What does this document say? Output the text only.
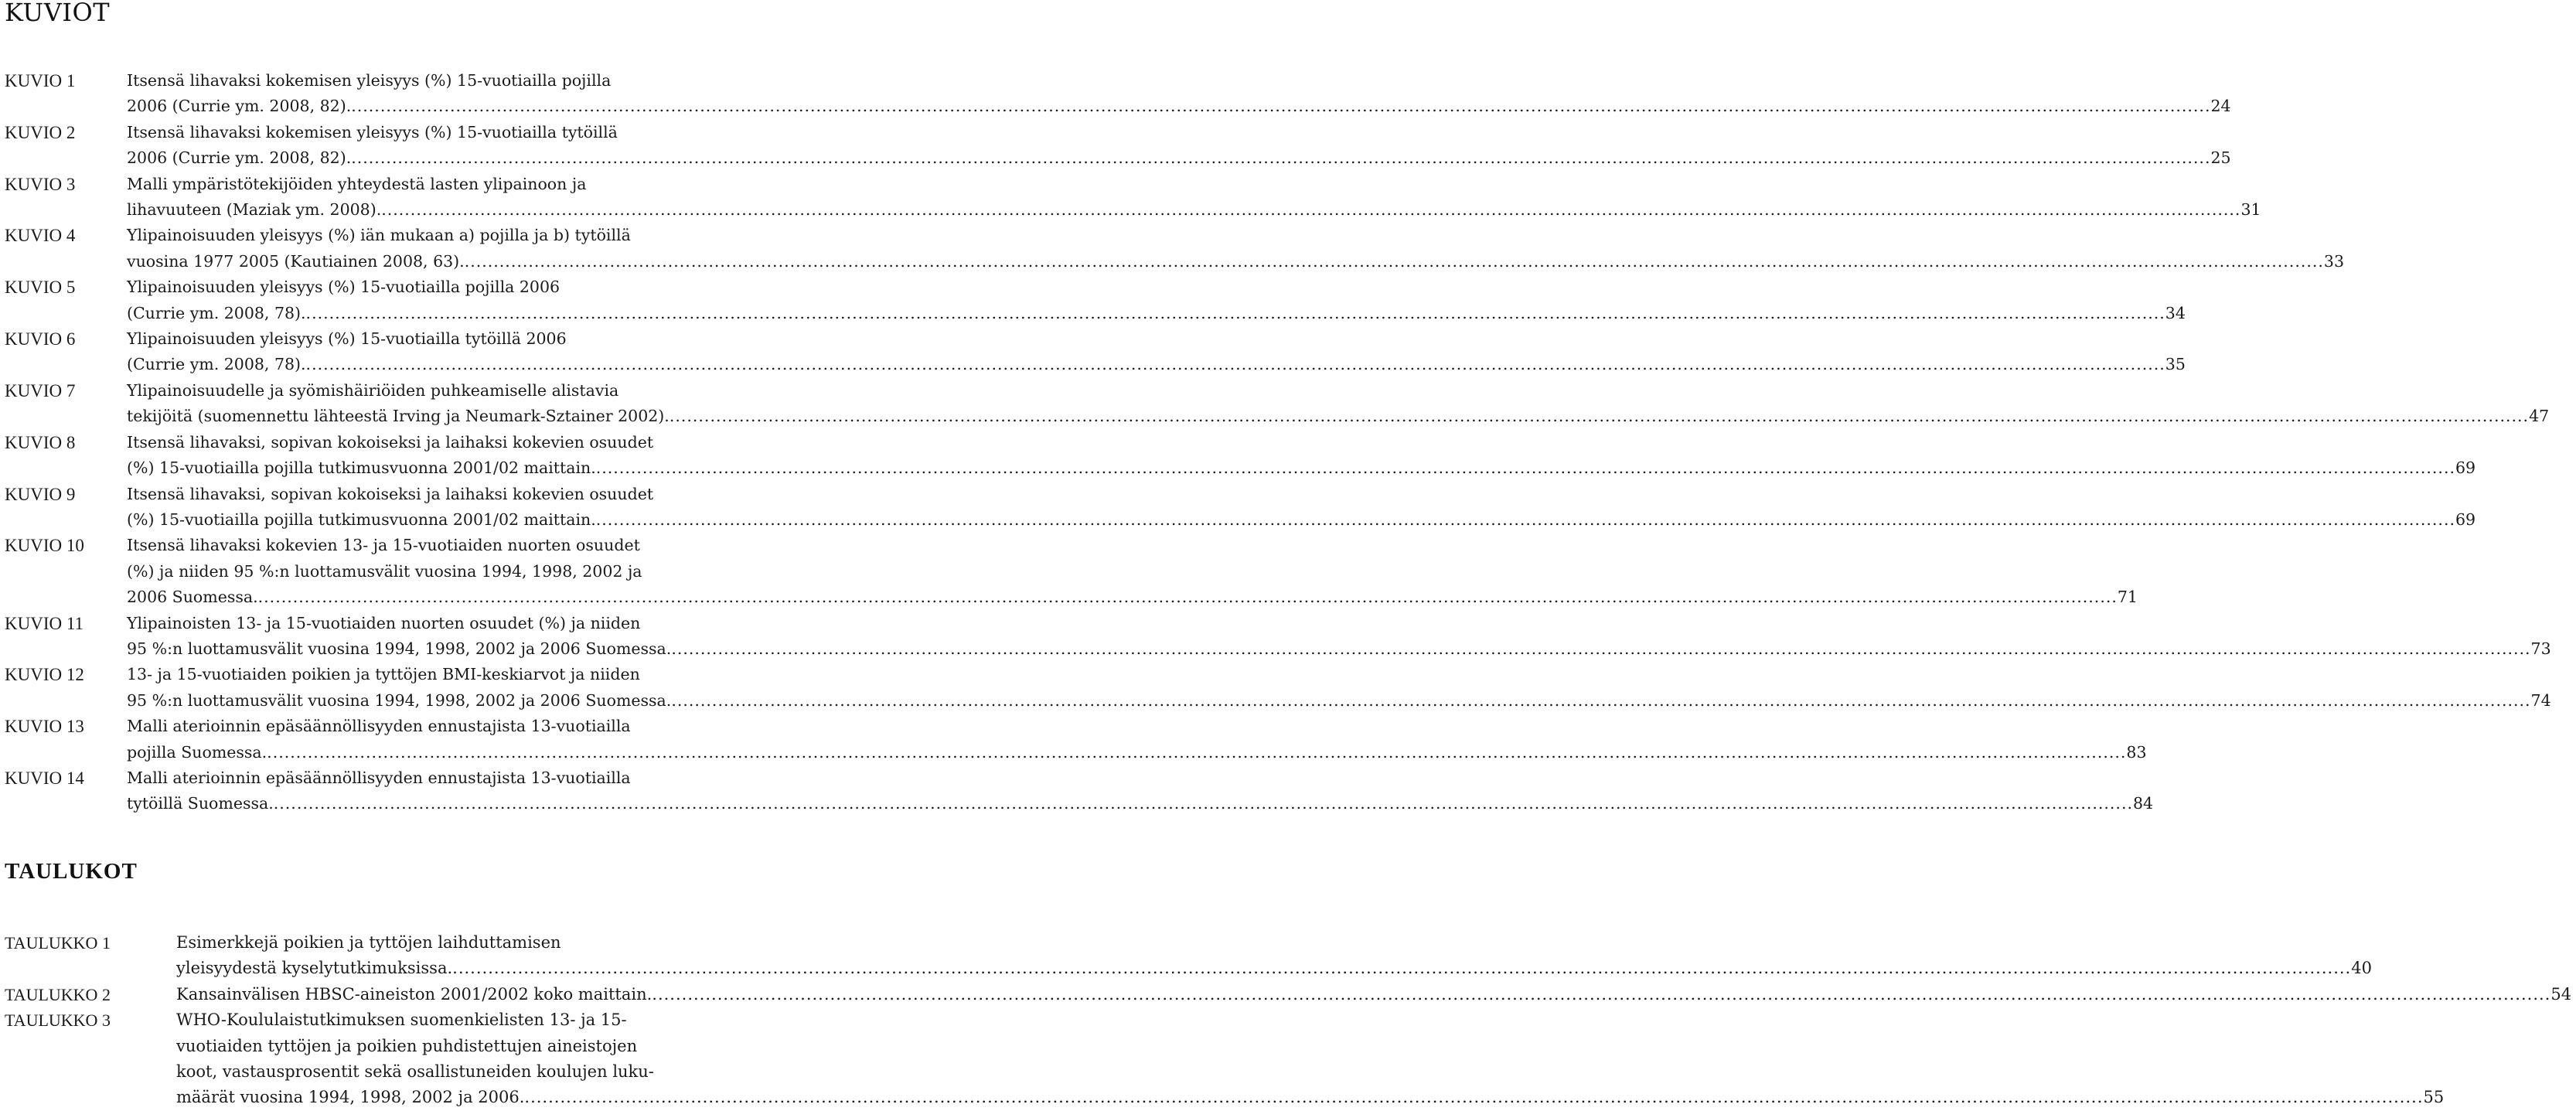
KUVIOT
KUVIO 1	Itsensä lihavaksi kokemisen yleisyys (%) 15-vuotiailla pojilla
2006 (Currie ym. 2008, 82). .....	24
KUVIO 2	Itsensä lihavaksi kokemisen yleisyys (%) 15-vuotiailla tytöillä
2006 (Currie ym. 2008, 82). .....	25
KUVIO 3	Malli ympäristötekijöiden yhteydestä lasten ylipainoon ja
lihavuuteen (Maziak ym. 2008). .....	31
KUVIO 4	Ylipainoisuuden yleisyys (%) iän mukaan a) pojilla ja b) tytöillä
vuosina 1977 2005 (Kautiainen 2008, 63). .....	33
KUVIO 5	Ylipainoisuuden yleisyys (%) 15-vuotiailla pojilla 2006
(Currie ym. 2008, 78). .....	34
KUVIO 6	Ylipainoisuuden yleisyys (%) 15-vuotiailla tytöillä 2006
(Currie ym. 2008, 78). .....	35
KUVIO 7	Ylipainoisuudelle ja syömishäiriöiden puhkeamiselle alistavia
tekijöitä (suomennettu lähteestä Irving ja Neumark-Sztainer 2002). .....	47
KUVIO 8	Itsensä lihavaksi, sopivan kokoiseksi ja laihaksi kokevien osuudet
(%) 15-vuotiailla pojilla tutkimusvuonna 2001/02 maittain. .....	69
KUVIO 9	Itsensä lihavaksi, sopivan kokoiseksi ja laihaksi kokevien osuudet
(%) 15-vuotiailla pojilla tutkimusvuonna 2001/02 maittain. .....	69
KUVIO 10	Itsensä lihavaksi kokevien 13- ja 15-vuotiaiden nuorten osuudet
(%) ja niiden 95 %:n luottamusvälit vuosina 1994, 1998, 2002 ja
2006 Suomessa. .....	71
KUVIO 11	Ylipainoisten 13- ja 15-vuotiaiden nuorten osuudet (%) ja niiden
95 %:n luottamusvälit vuosina 1994, 1998, 2002 ja 2006 Suomessa. .....	73
KUVIO 12	13- ja 15-vuotiaiden poikien ja tyttöjen BMI-keskiarvot ja niiden
95 %:n luottamusvälit vuosina 1994, 1998, 2002 ja 2006 Suomessa. .....	74
KUVIO 13	Malli aterioinnin epäsäännöllisyyden ennustajista 13-vuotiailla
pojilla Suomessa. .....	83
KUVIO 14	Malli aterioinnin epäsäännöllisyyden ennustajista 13-vuotiailla
tytöillä Suomessa. .....	84
TAULUKOT
TAULUKKO 1	Esimerkkejä poikien ja tyttöjen laihduttamisen
yleisyydestä kyselytutkimuksissa. .....	40
TAULUKKO 2	Kansainvälisen HBSC-aineiston 2001/2002 koko maittain. .....	54
TAULUKKO 3	WHO-Koululaistutkimuksen suomenkielisten 13- ja 15-
vuotiaiden tyttöjen ja poikien puhdistettujen aineistojen
koot, vastausprosentit sekä osallistuneiden koulujen luku-
määrät vuosina 1994, 1998, 2002 ja 2006. .....	55
